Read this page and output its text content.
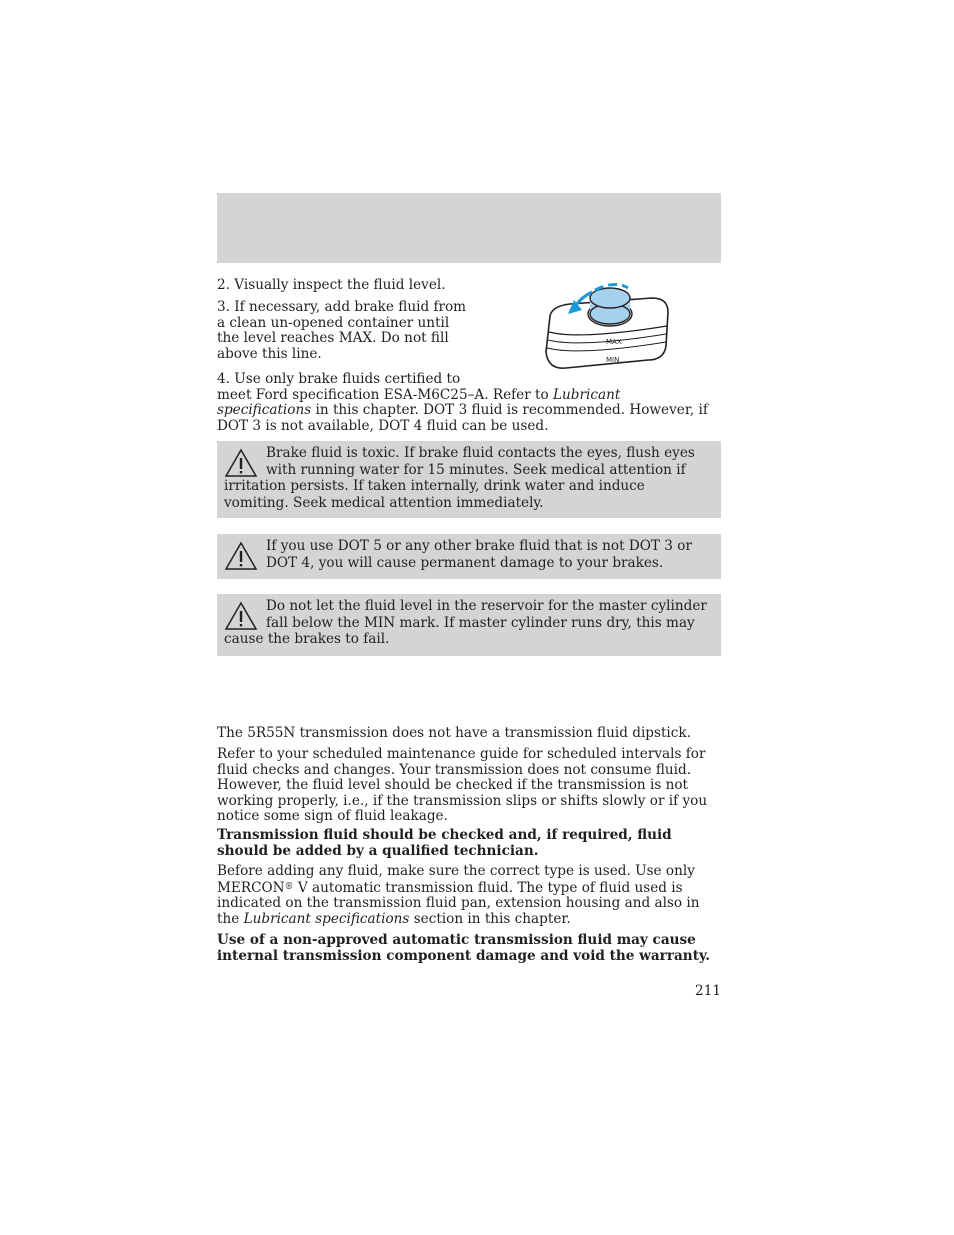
2. Visually inspect the fluid level.

3. If necessary, add brake fluid from
a clean un-opened container until
the level reaches MAX. Do not fill
above this line.

4. Use only brake fluids certified to
meet Ford specification ESA-M6C25–A. Refer to Lubricant
specifications in this chapter. DOT 3 fluid is recommended. However, if
DOT 3 is not available, DOT 4 fluid can be used.

MAX
MIN

Brake fluid is toxic. If brake fluid contacts the eyes, flush eyes with running water for 15 minutes. Seek medical attention if irritation persists. If taken internally, drink water and induce vomiting. Seek medical attention immediately.

If you use DOT 5 or any other brake fluid that is not DOT 3 or DOT 4, you will cause permanent damage to your brakes.

Do not let the fluid level in the reservoir for the master cylinder fall below the MIN mark. If master cylinder runs dry, this may cause the brakes to fail.

The 5R55N transmission does not have a transmission fluid dipstick.

Refer to your scheduled maintenance guide for scheduled intervals for
fluid checks and changes. Your transmission does not consume fluid.
However, the fluid level should be checked if the transmission is not
working properly, i.e., if the transmission slips or shifts slowly or if you
notice some sign of fluid leakage.

Transmission fluid should be checked and, if required, fluid
should be added by a qualified technician.

Before adding any fluid, make sure the correct type is used. Use only
MERCON® V automatic transmission fluid. The type of fluid used is
indicated on the transmission fluid pan, extension housing and also in
the Lubricant specifications section in this chapter.

Use of a non-approved automatic transmission fluid may cause
internal transmission component damage and void the warranty.

211
